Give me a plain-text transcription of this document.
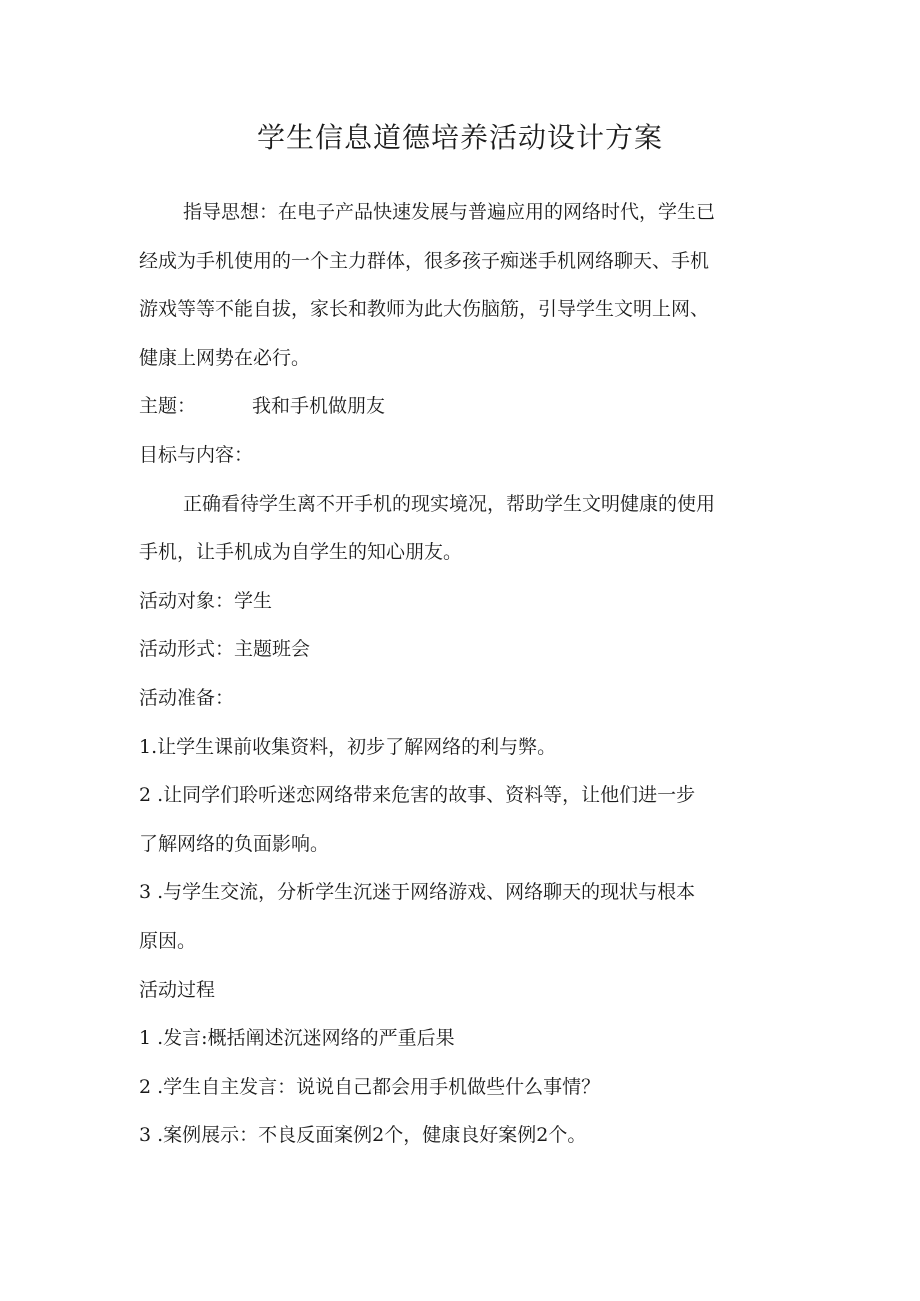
学生信息道德培养活动设计方案

指导思想：在电子产品快速发展与普遍应用的网络时代，学生已

经成为手机使用的一个主力群体，很多孩子痴迷手机网络聊天、手机

游戏等等不能自拔，家长和教师为此大伤脑筋，引导学生文明上网、

健康上网势在必行。

主题：	我和手机做朋友

目标与内容：

正确看待学生离不开手机的现实境况，帮助学生文明健康的使用

手机，让手机成为自学生的知心朋友。

活动对象：学生

活动形式：主题班会

活动准备：

1.让学生课前收集资料，初步了解网络的利与弊。

2 .让同学们聆听迷恋网络带来危害的故事、资料等，让他们进一步

了解网络的负面影响。

3 .与学生交流，分析学生沉迷于网络游戏、网络聊天的现状与根本

原因。

活动过程

1 .发言:概括阐述沉迷网络的严重后果

2 .学生自主发言：说说自己都会用手机做些什么事情？

3 .案例展示：不良反面案例2个，健康良好案例2个。
